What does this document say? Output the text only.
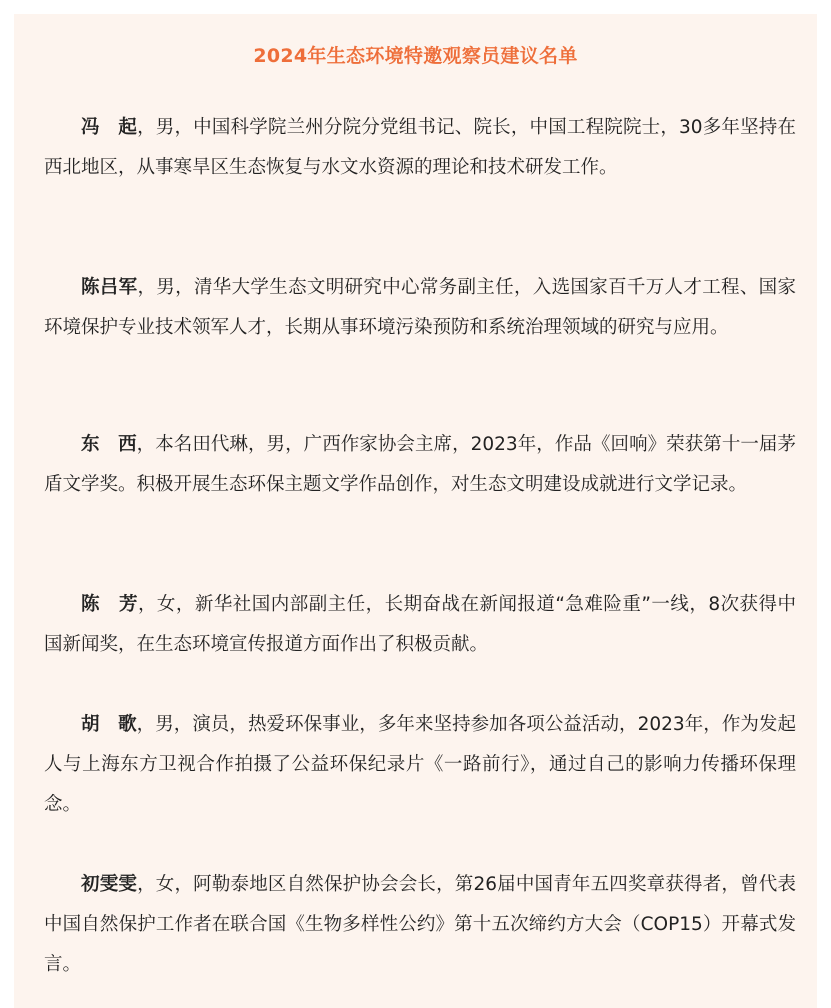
2024年生态环境特邀观察员建议名单

冯　起，男，中国科学院兰州分院分党组书记、院长，中国工程院院士，30多年坚持在西北地区，从事寒旱区生态恢复与水文水资源的理论和技术研发工作。

陈吕军，男，清华大学生态文明研究中心常务副主任，入选国家百千万人才工程、国家环境保护专业技术领军人才，长期从事环境污染预防和系统治理领域的研究与应用。

东　西，本名田代琳，男，广西作家协会主席，2023年，作品《回响》荣获第十一届茅盾文学奖。积极开展生态环保主题文学作品创作，对生态文明建设成就进行文学记录。

陈　芳，女，新华社国内部副主任，长期奋战在新闻报道“急难险重”一线，8次获得中国新闻奖，在生态环境宣传报道方面作出了积极贡献。

胡　歌，男，演员，热爱环保事业，多年来坚持参加各项公益活动，2023年，作为发起人与上海东方卫视合作拍摄了公益环保纪录片《一路前行》，通过自己的影响力传播环保理念。

初雯雯，女，阿勒泰地区自然保护协会会长，第26届中国青年五四奖章获得者，曾代表中国自然保护工作者在联合国《生物多样性公约》第十五次缔约方大会（COP15）开幕式发言。
